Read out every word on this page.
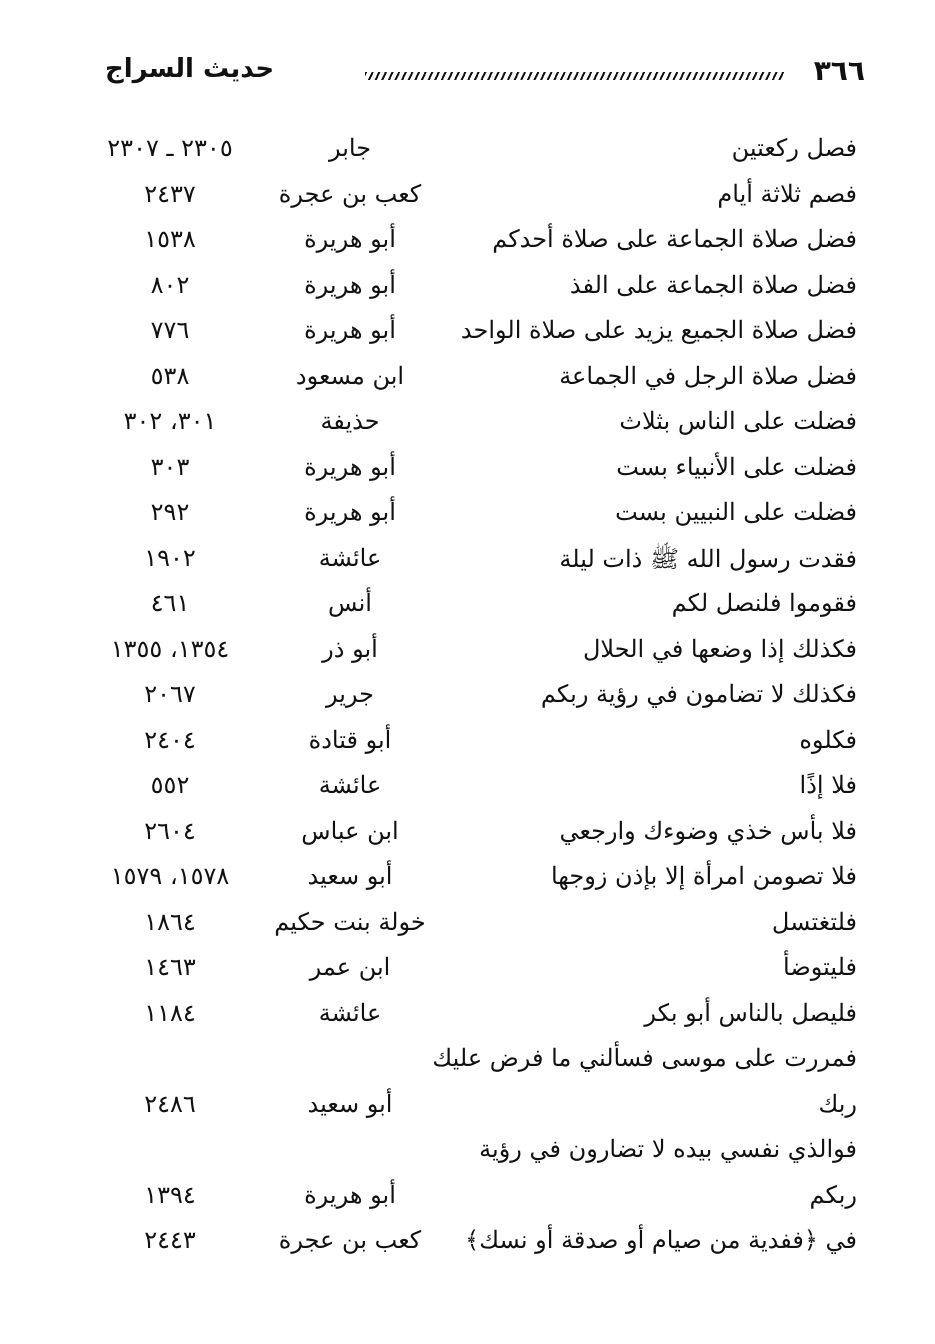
٣٦٦
حديث السراج
فصل ركعتين
جابر
٢٣٠٥ ـ ٢٣٠٧
فصم ثلاثة أيام
كعب بن عجرة
٢٤٣٧
فضل صلاة الجماعة على صلاة أحدكم
أبو هريرة
١٥٣٨
فضل صلاة الجماعة على الفذ
أبو هريرة
٨٠٢
فضل صلاة الجميع يزيد على صلاة الواحد
أبو هريرة
٧٧٦
فضل صلاة الرجل في الجماعة
ابن مسعود
٥٣٨
فضلت على الناس بثلاث
حذيفة
٣٠١، ٣٠٢
فضلت على الأنبياء بست
أبو هريرة
٣٠٣
فضلت على النبيين بست
أبو هريرة
٢٩٢
فقدت رسول الله ﷺ ذات ليلة
عائشة
١٩٠٢
فقوموا فلنصل لكم
أنس
٤٦١
فكذلك إذا وضعها في الحلال
أبو ذر
١٣٥٤، ١٣٥٥
فكذلك لا تضامون في رؤية ربكم
جرير
٢٠٦٧
فكلوه
أبو قتادة
٢٤٠٤
فلا إذًا
عائشة
٥٥٢
فلا بأس خذي وضوءك وارجعي
ابن عباس
٢٦٠٤
فلا تصومن امرأة إلا بإذن زوجها
أبو سعيد
١٥٧٨، ١٥٧٩
فلتغتسل
خولة بنت حكيم
١٨٦٤
فليتوضأ
ابن عمر
١٤٦٣
فليصل بالناس أبو بكر
عائشة
١١٨٤
فمررت على موسى فسألني ما فرض عليك
ربك
أبو سعيد
٢٤٨٦
فوالذي نفسي بيده لا تضارون في رؤية
ربكم
أبو هريرة
١٣٩٤
في ﴿ففدية من صيام أو صدقة أو نسك﴾
كعب بن عجرة
٢٤٤٣
